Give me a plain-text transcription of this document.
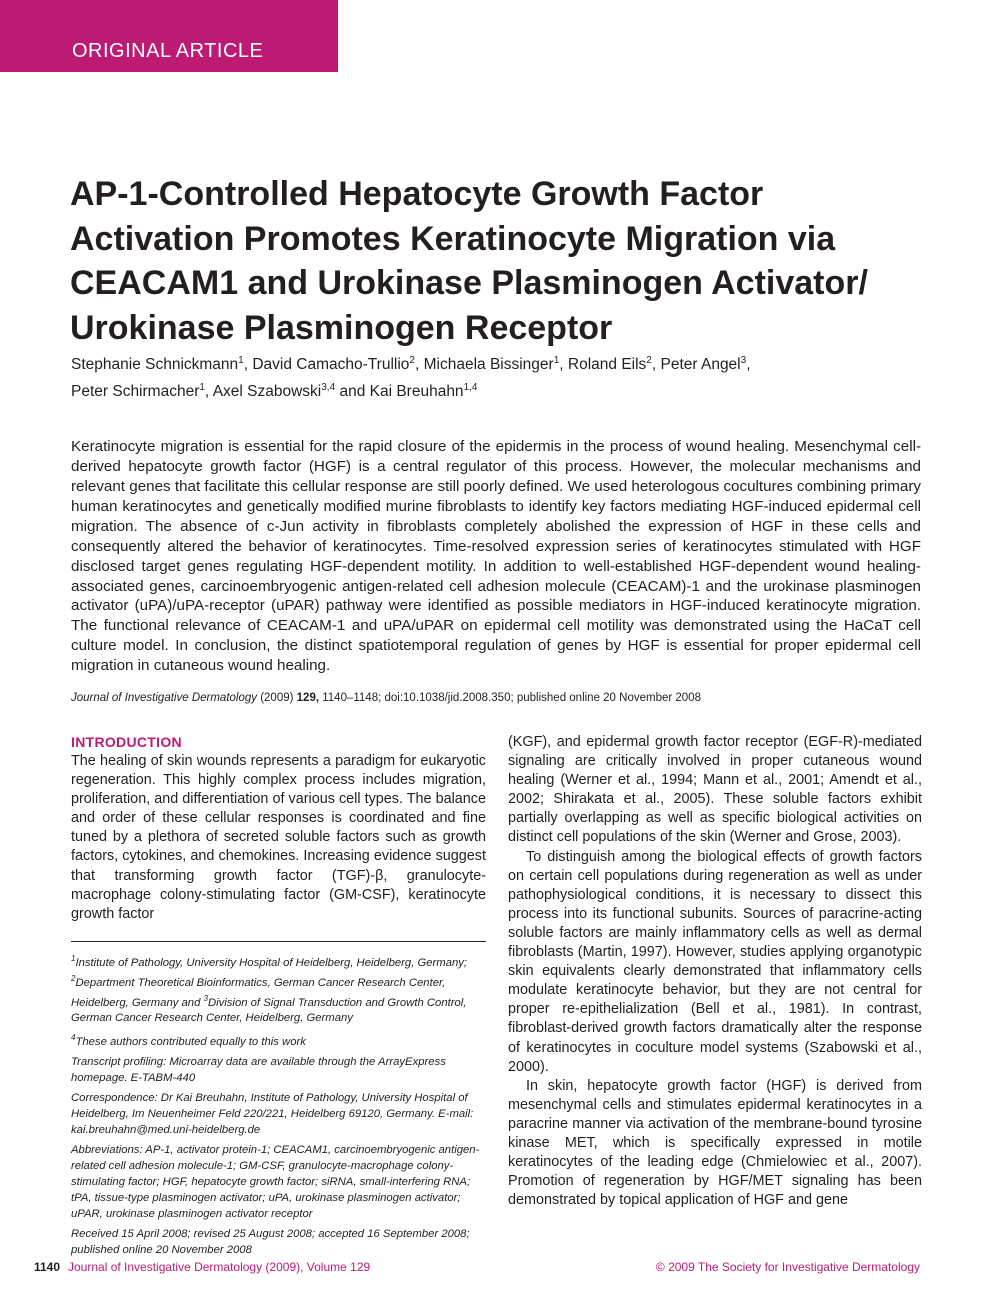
ORIGINAL ARTICLE
AP-1-Controlled Hepatocyte Growth Factor Activation Promotes Keratinocyte Migration via CEACAM1 and Urokinase Plasminogen Activator/ Urokinase Plasminogen Receptor
Stephanie Schnickmann$^1$, David Camacho-Trullio$^2$, Michaela Bissinger$^1$, Roland Eils$^2$, Peter Angel$^3$,
Peter Schirmacher$^1$, Axel Szabowski$^{3,4}$ and Kai Breuhahn$^{1,4}$

Keratinocyte migration is essential for the rapid closure of the epidermis in the process of wound healing. Mesenchymal cell-derived hepatocyte growth factor (HGF) is a central regulator of this process. However, the molecular mechanisms and relevant genes that facilitate this cellular response are still poorly defined. We used heterologous cocultures combining primary human keratinocytes and genetically modified murine fibroblasts to identify key factors mediating HGF-induced epidermal cell migration. The absence of c-Jun activity in fibroblasts completely abolished the expression of HGF in these cells and consequently altered the behavior of keratinocytes. Time-resolved expression series of keratinocytes stimulated with HGF disclosed target genes regulating HGF-dependent motility. In addition to well-established HGF-dependent wound healing-associated genes, carcinoembryogenic antigen-related cell adhesion molecule (CEACAM)-1 and the urokinase plasminogen activator (uPA)/uPA-receptor (uPAR) pathway were identified as possible mediators in HGF-induced keratinocyte migration. The functional relevance of CEACAM-1 and uPA/uPAR on epidermal cell motility was demonstrated using the HaCaT cell culture model. In conclusion, the distinct spatiotemporal regulation of genes by HGF is essential for proper epidermal cell migration in cutaneous wound healing.

Journal of Investigative Dermatology (2009) 129, 1140–1148; doi:10.1038/jid.2008.350; published online 20 November 2008
INTRODUCTION

The healing of skin wounds represents a paradigm for eukaryotic regeneration. This highly complex process includes migration, proliferation, and differentiation of various cell types. The balance and order of these cellular responses is coordinated and fine tuned by a plethora of secreted soluble factors such as growth factors, cytokines, and chemokines. Increasing evidence suggest that transforming growth factor (TGF)-β, granulocyte-macrophage colony-stimulating factor (GM-CSF), keratinocyte growth factor

$^1$Institute of Pathology, University Hospital of Heidelberg, Heidelberg, Germany; $^2$Department Theoretical Bioinformatics, German Cancer Research Center, Heidelberg, Germany and $^3$Division of Signal Transduction and Growth Control, German Cancer Research Center, Heidelberg, Germany

$^4$These authors contributed equally to this work

Transcript profiling: Microarray data are available through the ArrayExpress homepage. E-TABM-440

Correspondence: Dr Kai Breuhahn, Institute of Pathology, University Hospital of Heidelberg, Im Neuenheimer Feld 220/221, Heidelberg 69120, Germany. E-mail: kai.breuhahn@med.uni-heidelberg.de

Abbreviations: AP-1, activator protein-1; CEACAM1, carcinoembryogenic antigen-related cell adhesion molecule-1; GM-CSF, granulocyte-macrophage colony-stimulating factor; HGF, hepatocyte growth factor; siRNA, small-interfering RNA; tPA, tissue-type plasminogen activator; uPA, urokinase plasminogen activator; uPAR, urokinase plasminogen activator receptor

Received 15 April 2008; revised 25 August 2008; accepted 16 September 2008; published online 20 November 2008

(KGF), and epidermal growth factor receptor (EGF-R)-mediated signaling are critically involved in proper cutaneous wound healing (Werner et al., 1994; Mann et al., 2001; Amendt et al., 2002; Shirakata et al., 2005). These soluble factors exhibit partially overlapping as well as specific biological activities on distinct cell populations of the skin (Werner and Grose, 2003).

To distinguish among the biological effects of growth factors on certain cell populations during regeneration as well as under pathophysiological conditions, it is necessary to dissect this process into its functional subunits. Sources of paracrine-acting soluble factors are mainly inflammatory cells as well as dermal fibroblasts (Martin, 1997). However, studies applying organotypic skin equivalents clearly demonstrated that inflammatory cells modulate keratinocyte behavior, but they are not central for proper re-epithelialization (Bell et al., 1981). In contrast, fibroblast-derived growth factors dramatically alter the response of keratinocytes in coculture model systems (Szabowski et al., 2000).

In skin, hepatocyte growth factor (HGF) is derived from mesenchymal cells and stimulates epidermal keratinocytes in a paracrine manner via activation of the membrane-bound tyrosine kinase MET, which is specifically expressed in motile keratinocytes of the leading edge (Chmielowiec et al., 2007). Promotion of regeneration by HGF/MET signaling has been demonstrated by topical application of HGF and gene

1140 Journal of Investigative Dermatology (2009), Volume 129	© 2009 The Society for Investigative Dermatology
